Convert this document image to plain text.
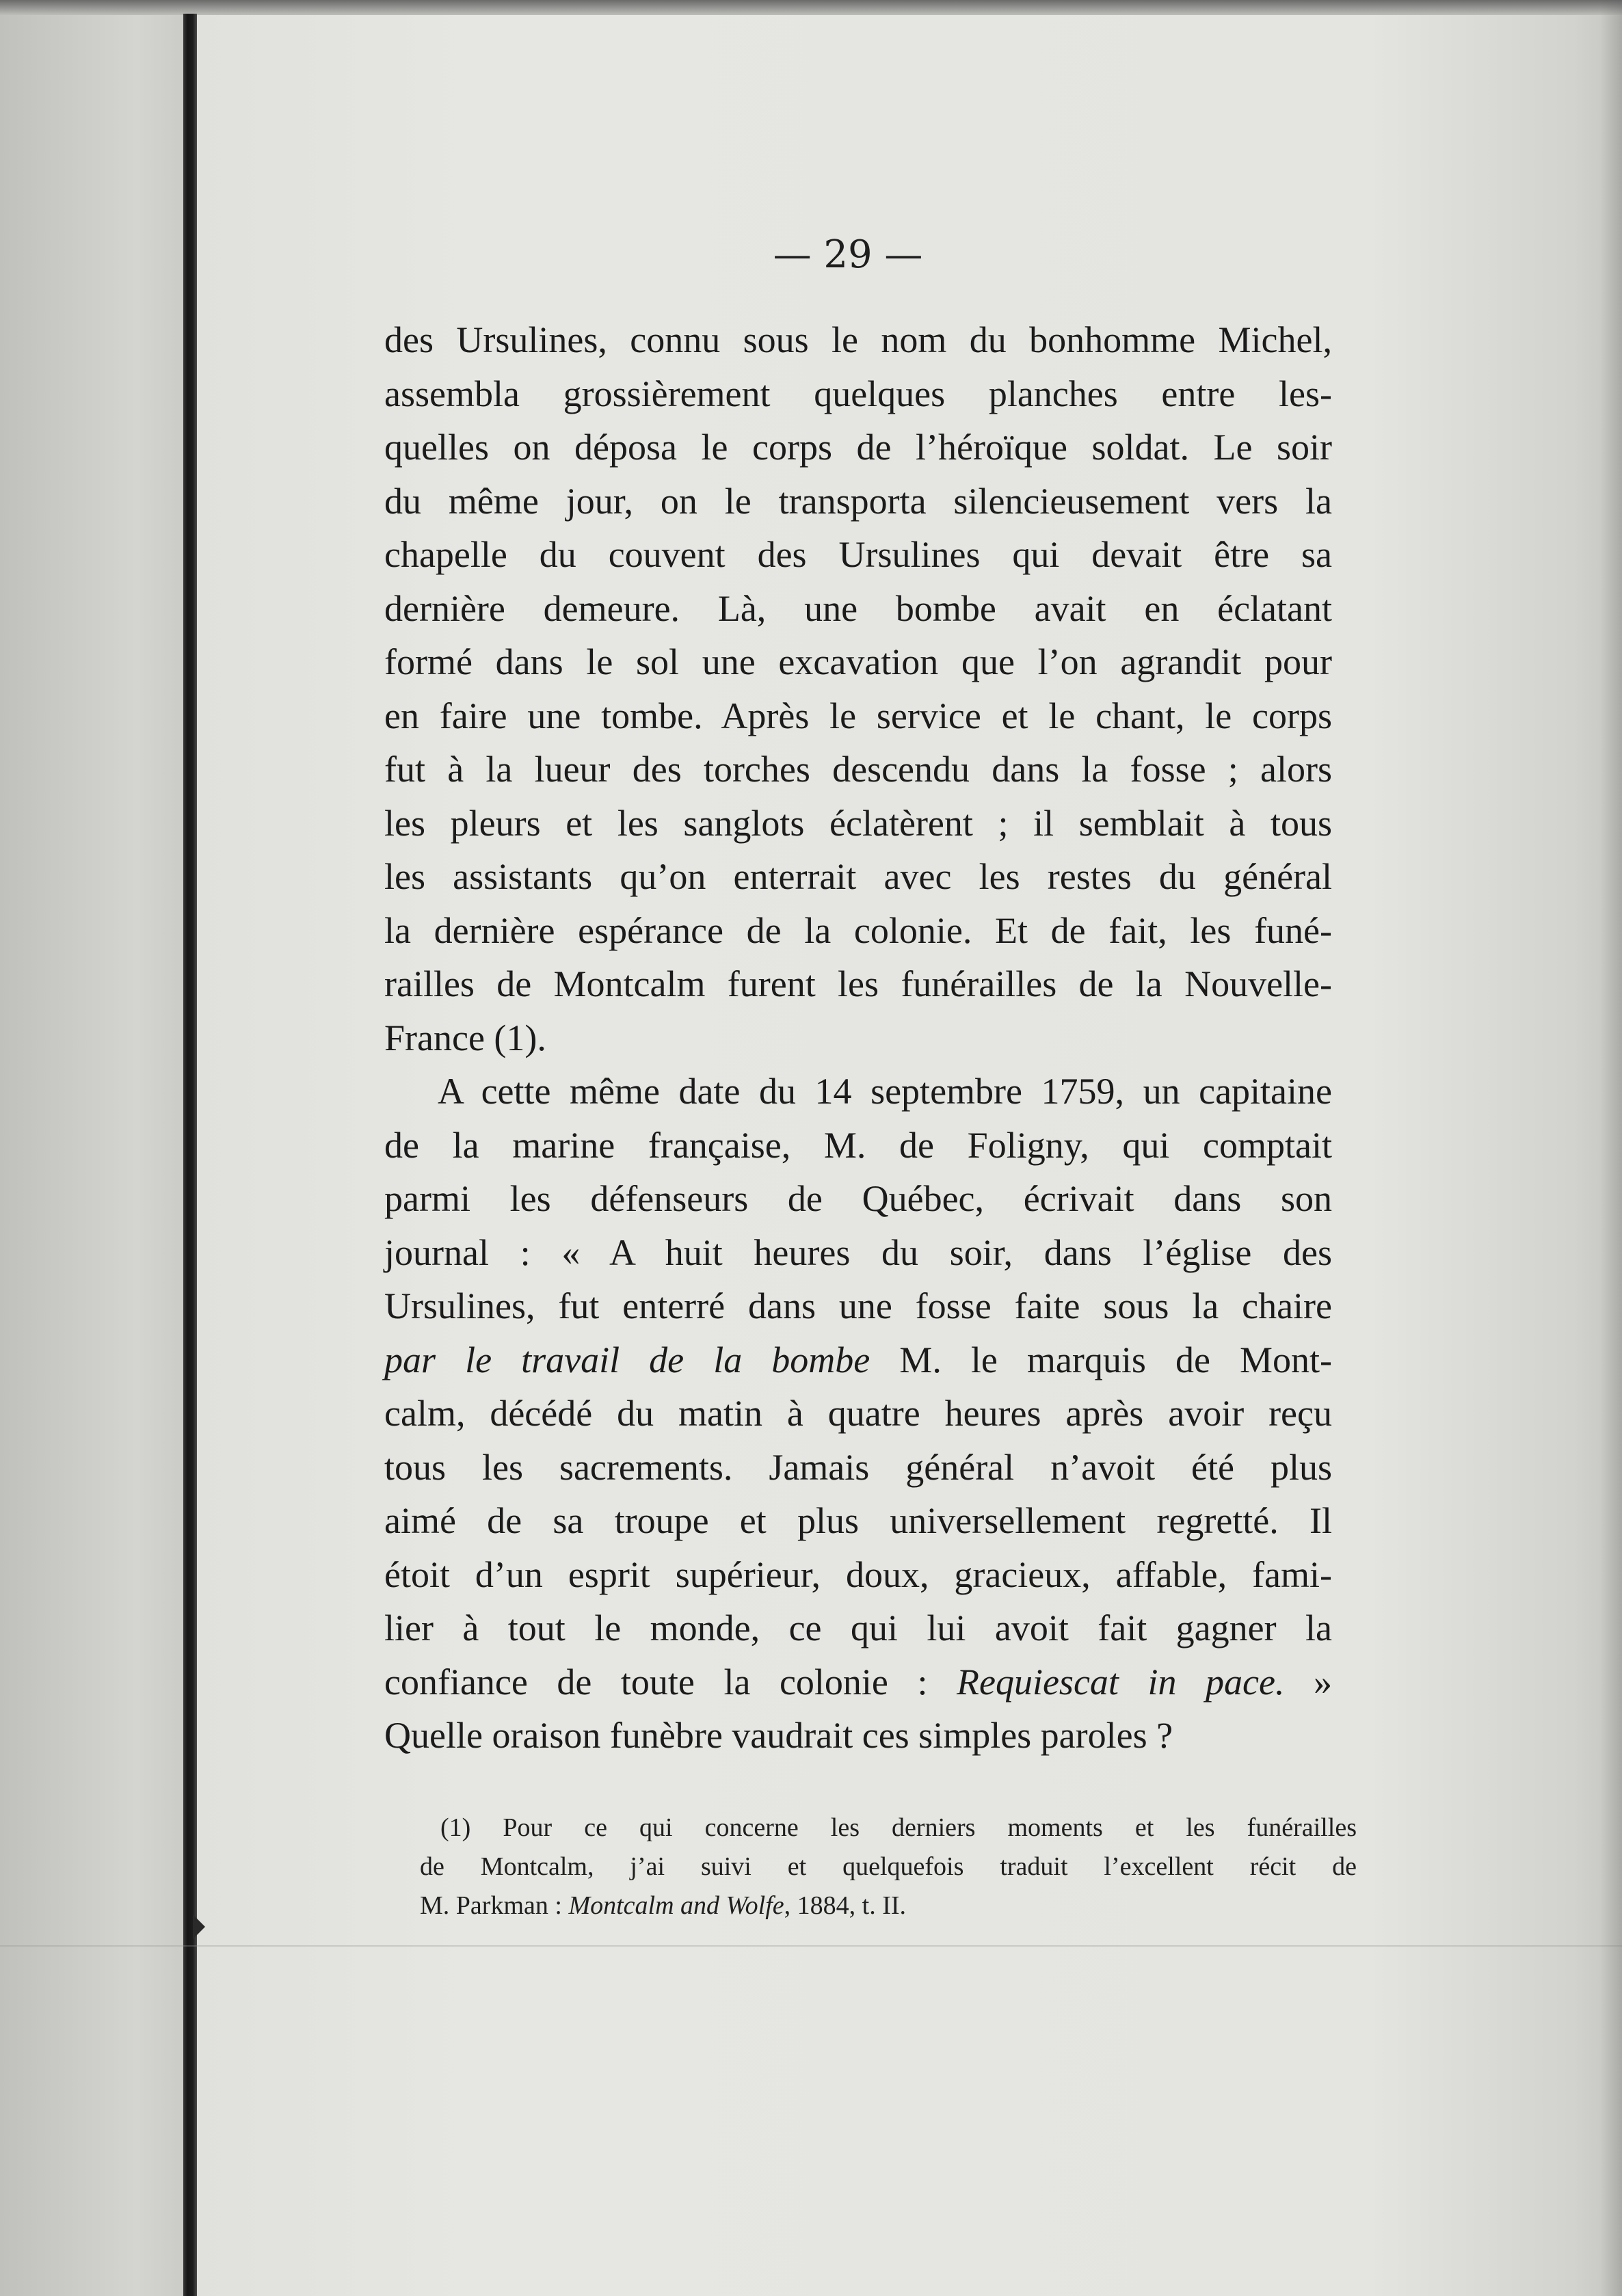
— 29 —

des Ursulines, connu sous le nom du bonhomme Michel,
assembla grossièrement quelques planches entre les-
quelles on déposa le corps de l’héroïque soldat. Le soir
du même jour, on le transporta silencieusement vers la
chapelle du couvent des Ursulines qui devait être sa
dernière demeure. Là, une bombe avait en éclatant
formé dans le sol une excavation que l’on agrandit pour
en faire une tombe. Après le service et le chant, le corps
fut à la lueur des torches descendu dans la fosse ; alors
les pleurs et les sanglots éclatèrent ; il semblait à tous
les assistants qu’on enterrait avec les restes du général
la dernière espérance de la colonie. Et de fait, les funé-
railles de Montcalm furent les funérailles de la Nouvelle-
France (1).
A cette même date du 14 septembre 1759, un capitaine
de la marine française, M. de Foligny, qui comptait
parmi les défenseurs de Québec, écrivait dans son
journal : « A huit heures du soir, dans l’église des
Ursulines, fut enterré dans une fosse faite sous la chaire
par le travail de la bombe M. le marquis de Mont-
calm, décédé du matin à quatre heures après avoir reçu
tous les sacrements. Jamais général n’avoit été plus
aimé de sa troupe et plus universellement regretté. Il
étoit d’un esprit supérieur, doux, gracieux, affable, fami-
lier à tout le monde, ce qui lui avoit fait gagner la
confiance de toute la colonie : Requiescat in pace. »
Quelle oraison funèbre vaudrait ces simples paroles ?
(1) Pour ce qui concerne les derniers moments et les funérailles
de Montcalm, j’ai suivi et quelquefois traduit l’excellent récit de
M. Parkman : Montcalm and Wolfe, 1884, t. II.
